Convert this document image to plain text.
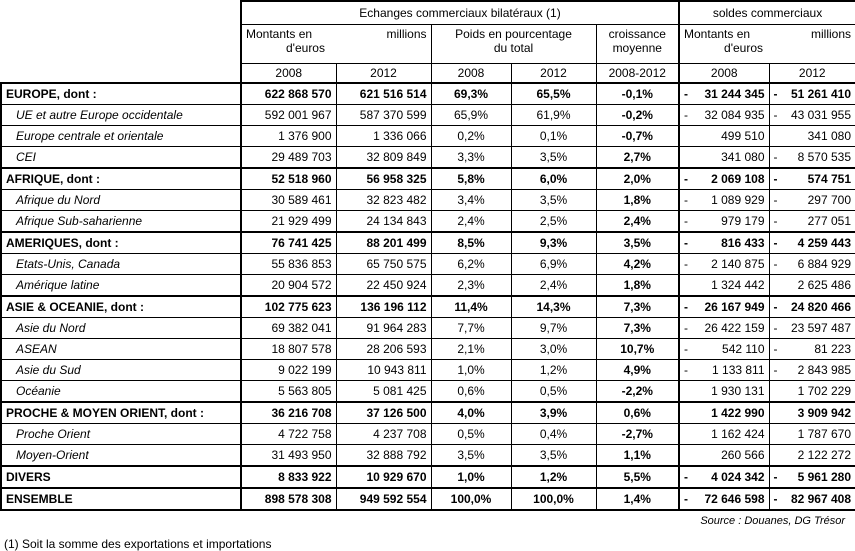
	Echanges commerciaux bilatéraux (1)					soldes commerciaux	

Montants en	millions
d'euros

Poids en pourcentage
du total

croissance
moyenne

Montants en	millions
d'euros

	2008	2012	2008	2012	2008-2012	2008	2012
EUROPE, dont :	622 868 570	621 516 514	69,3%	65,5%	-0,1%	- 31 244 345	- 51 261 410

UE et autre Europe occidentale	592 001 967	587 370 599	65,9%	61,9%	-0,2%	- 32 084 935	- 43 031 955

Europe centrale et orientale	1 376 900	1 336 066	0,2%	0,1%	-0,7%	499 510	341 080
CEI	29 489 703	32 809 849	3,3%	3,5%	2,7%	341 080	- 8 570 535

AFRIQUE, dont :	52 518 960	56 958 325	5,8%	6,0%	2,0%	- 2 069 108	- 574 751

Afrique du Nord	30 589 461	32 823 482	3,4%	3,5%	1,8%	- 1 089 929	- 297 700

Afrique Sub-saharienne	21 929 499	24 134 843	2,4%	2,5%	2,4%	- 979 179	- 277 051

AMERIQUES, dont :	76 741 425	88 201 499	8,5%	9,3%	3,5%	- 816 433	- 4 259 443

Etats-Unis, Canada	55 836 853	65 750 575	6,2%	6,9%	4,2%	- 2 140 875	- 6 884 929

Amérique latine	20 904 572	22 450 924	2,3%	2,4%	1,8%	1 324 442	2 625 486
ASIE & OCEANIE, dont :	102 775 623	136 196 112	11,4%	14,3%	7,3%	- 26 167 949	- 24 820 466

Asie du Nord	69 382 041	91 964 283	7,7%	9,7%	7,3%	- 26 422 159	- 23 597 487

ASEAN	18 807 578	28 206 593	2,1%	3,0%	10,7%	- 542 110	- 81 223

Asie du Sud	9 022 199	10 943 811	1,0%	1,2%	4,9%	- 1 133 811	- 2 843 985

Océanie	5 563 805	5 081 425	0,6%	0,5%	-2,2%	1 930 131	1 702 229
PROCHE & MOYEN ORIENT, dont :	36 216 708	37 126 500	4,0%	3,9%	0,6%	1 422 990	3 909 942
Proche Orient	4 722 758	4 237 708	0,5%	0,4%	-2,7%	1 162 424	1 787 670
Moyen-Orient	31 493 950	32 888 792	3,5%	3,5%	1,1%	260 566	2 122 272
DIVERS	8 833 922	10 929 670	1,0%	1,2%	5,5%	- 4 024 342	- 5 961 280

ENSEMBLE	898 578 308	949 592 554	100,0%	100,0%	1,4%	- 72 646 598	- 82 967 408
Source : Douanes, DG Trésor
(1) Soit la somme des exportations et importations
